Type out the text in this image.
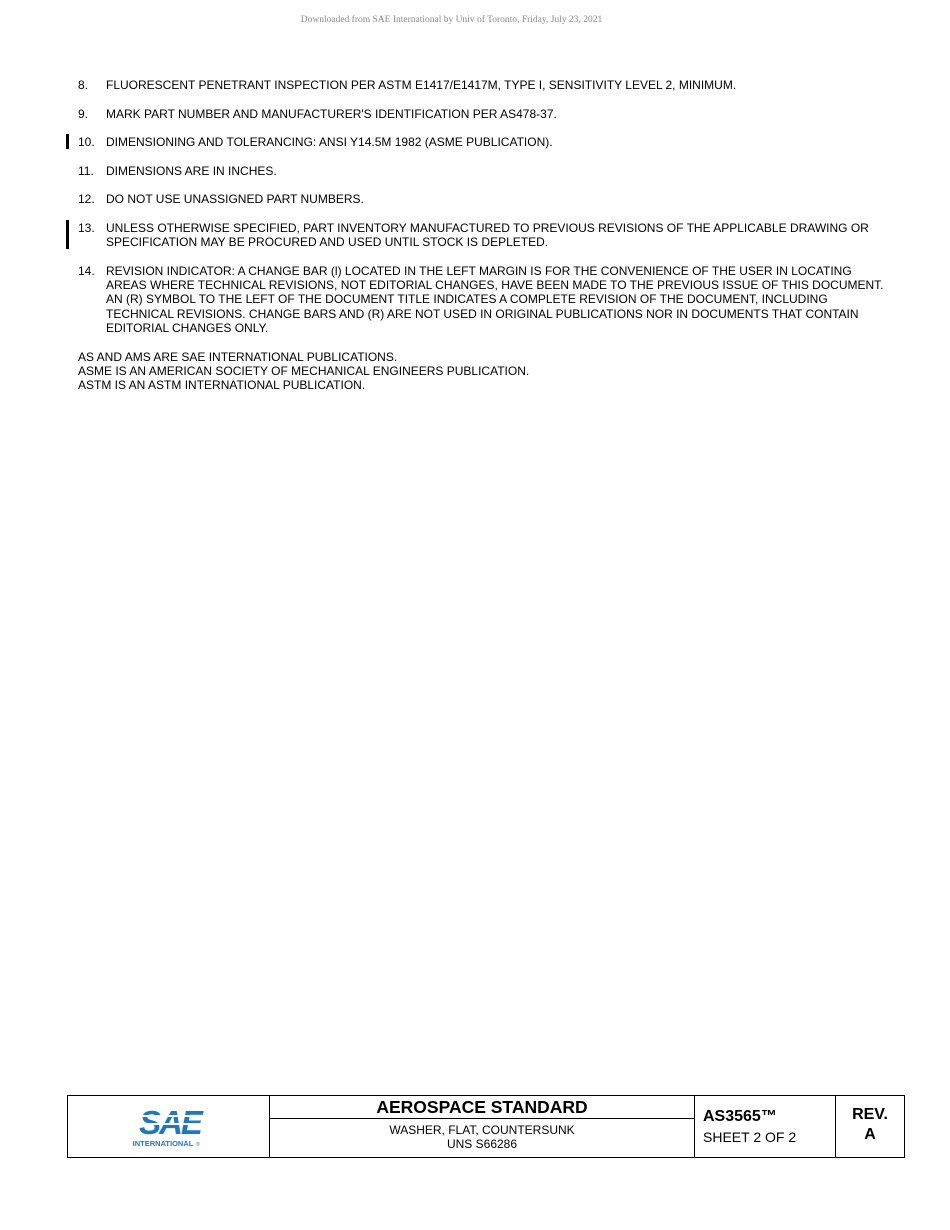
Downloaded from SAE International by Univ of Toronto, Friday, July 23, 2021
8.	FLUORESCENT PENETRANT INSPECTION PER ASTM E1417/E1417M, TYPE I, SENSITIVITY LEVEL 2, MINIMUM.
9.	MARK PART NUMBER AND MANUFACTURER'S IDENTIFICATION PER AS478-37.
10. DIMENSIONING AND TOLERANCING: ANSI Y14.5M 1982 (ASME PUBLICATION).
11.	DIMENSIONS ARE IN INCHES.
12. DO NOT USE UNASSIGNED PART NUMBERS.
13. UNLESS OTHERWISE SPECIFIED, PART INVENTORY MANUFACTURED TO PREVIOUS REVISIONS OF THE APPLICABLE DRAWING OR SPECIFICATION MAY BE PROCURED AND USED UNTIL STOCK IS DEPLETED.
14. REVISION INDICATOR: A CHANGE BAR (l) LOCATED IN THE LEFT MARGIN IS FOR THE CONVENIENCE OF THE USER IN LOCATING AREAS WHERE TECHNICAL REVISIONS, NOT EDITORIAL CHANGES, HAVE BEEN MADE TO THE PREVIOUS ISSUE OF THIS DOCUMENT. AN (R) SYMBOL TO THE LEFT OF THE DOCUMENT TITLE INDICATES A COMPLETE REVISION OF THE DOCUMENT, INCLUDING TECHNICAL REVISIONS. CHANGE BARS AND (R) ARE NOT USED IN ORIGINAL PUBLICATIONS NOR IN DOCUMENTS THAT CONTAIN EDITORIAL CHANGES ONLY.
AS AND AMS ARE SAE INTERNATIONAL PUBLICATIONS.
ASME IS AN AMERICAN SOCIETY OF MECHANICAL ENGINEERS PUBLICATION.
ASTM IS AN ASTM INTERNATIONAL PUBLICATION.
SAE
INTERNATIONAL ®
AEROSPACE STANDARD
WASHER, FLAT, COUNTERSUNK
UNS S66286
AS3565™
SHEET 2 OF 2
REV.
A
